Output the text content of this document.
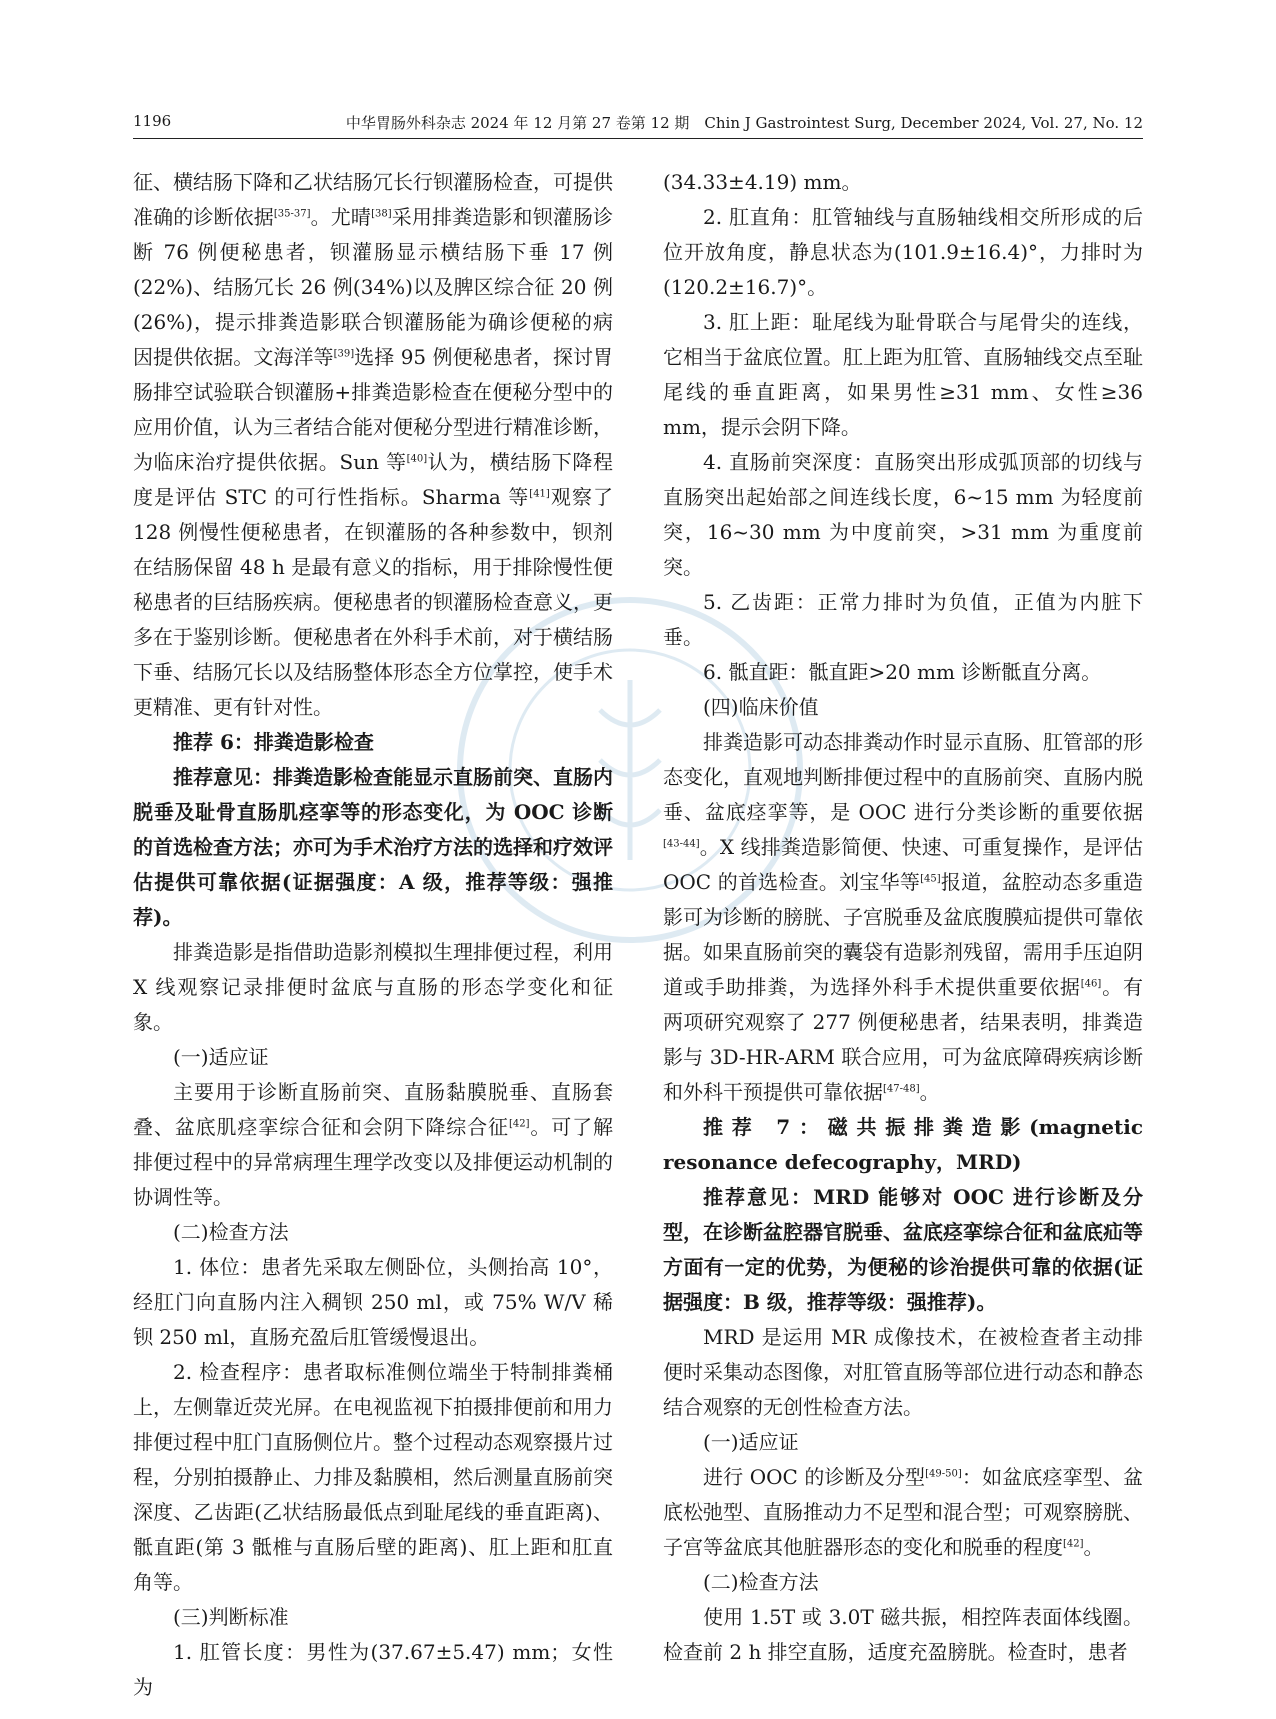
1196	中华胃肠外科杂志 2024 年 12 月第 27 卷第 12 期　Chin J Gastrointest Surg, December 2024, Vol. 27, No. 12

征、横结肠下降和乙状结肠冗长行钡灌肠检查，可提供准确的诊断依据[35-37]。尤晴[38]采用排粪造影和钡灌肠诊断 76 例便秘患者，钡灌肠显示横结肠下垂 17 例(22%)、结肠冗长 26 例(34%)以及脾区综合征 20 例(26%)，提示排粪造影联合钡灌肠能为确诊便秘的病因提供依据。文海洋等[39]选择 95 例便秘患者，探讨胃肠排空试验联合钡灌肠+排粪造影检查在便秘分型中的应用价值，认为三者结合能对便秘分型进行精准诊断，为临床治疗提供依据。Sun 等[40]认为，横结肠下降程度是评估 STC 的可行性指标。Sharma 等[41]观察了 128 例慢性便秘患者，在钡灌肠的各种参数中，钡剂在结肠保留 48 h 是最有意义的指标，用于排除慢性便秘患者的巨结肠疾病。便秘患者的钡灌肠检查意义，更多在于鉴别诊断。便秘患者在外科手术前，对于横结肠下垂、结肠冗长以及结肠整体形态全方位掌控，使手术更精准、更有针对性。

推荐 6：排粪造影检查

推荐意见：排粪造影检查能显示直肠前突、直肠内脱垂及耻骨直肠肌痉挛等的形态变化，为 OOC 诊断的首选检查方法；亦可为手术治疗方法的选择和疗效评估提供可靠依据(证据强度：A 级，推荐等级：强推荐)。

排粪造影是指借助造影剂模拟生理排便过程，利用 X 线观察记录排便时盆底与直肠的形态学变化和征象。

(一)适应证

主要用于诊断直肠前突、直肠黏膜脱垂、直肠套叠、盆底肌痉挛综合征和会阴下降综合征[42]。可了解排便过程中的异常病理生理学改变以及排便运动机制的协调性等。

(二)检查方法

1. 体位：患者先采取左侧卧位，头侧抬高 10°，经肛门向直肠内注入稠钡 250 ml，或 75% W/V 稀钡 250 ml，直肠充盈后肛管缓慢退出。

2. 检查程序：患者取标准侧位端坐于特制排粪桶上，左侧靠近荧光屏。在电视监视下拍摄排便前和用力排便过程中肛门直肠侧位片。整个过程动态观察摄片过程，分别拍摄静止、力排及黏膜相，然后测量直肠前突深度、乙齿距(乙状结肠最低点到耻尾线的垂直距离)、骶直距(第 3 骶椎与直肠后壁的距离)、肛上距和肛直角等。

(三)判断标准

1. 肛管长度：男性为(37.67±5.47) mm；女性为

(34.33±4.19) mm。

2. 肛直角：肛管轴线与直肠轴线相交所形成的后位开放角度，静息状态为(101.9±16.4)°，力排时为(120.2±16.7)°。

3. 肛上距：耻尾线为耻骨联合与尾骨尖的连线，它相当于盆底位置。肛上距为肛管、直肠轴线交点至耻尾线的垂直距离，如果男性≥31 mm、女性≥36 mm，提示会阴下降。

4. 直肠前突深度：直肠突出形成弧顶部的切线与直肠突出起始部之间连线长度，6~15 mm 为轻度前突，16~30 mm 为中度前突，>31 mm 为重度前突。

5. 乙齿距：正常力排时为负值，正值为内脏下垂。

6. 骶直距：骶直距>20 mm 诊断骶直分离。

(四)临床价值

排粪造影可动态排粪动作时显示直肠、肛管部的形态变化，直观地判断排便过程中的直肠前突、直肠内脱垂、盆底痉挛等，是 OOC 进行分类诊断的重要依据[43-44]。X 线排粪造影简便、快速、可重复操作，是评估 OOC 的首选检查。刘宝华等[45]报道，盆腔动态多重造影可为诊断的膀胱、子宫脱垂及盆底腹膜疝提供可靠依据。如果直肠前突的囊袋有造影剂残留，需用手压迫阴道或手助排粪，为选择外科手术提供重要依据[46]。有两项研究观察了 277 例便秘患者，结果表明，排粪造影与 3D-HR-ARM 联合应用，可为盆底障碍疾病诊断和外科干预提供可靠依据[47-48]。

推荐 7：磁共振排粪造影(magnetic resonance defecography，MRD)

推荐意见：MRD 能够对 OOC 进行诊断及分型，在诊断盆腔器官脱垂、盆底痉挛综合征和盆底疝等方面有一定的优势，为便秘的诊治提供可靠的依据(证据强度：B 级，推荐等级：强推荐)。

MRD 是运用 MR 成像技术，在被检查者主动排便时采集动态图像，对肛管直肠等部位进行动态和静态结合观察的无创性检查方法。

(一)适应证

进行 OOC 的诊断及分型[49-50]：如盆底痉挛型、盆底松弛型、直肠推动力不足型和混合型；可观察膀胱、子宫等盆底其他脏器形态的变化和脱垂的程度[42]。

(二)检查方法

使用 1.5T 或 3.0T 磁共振，相控阵表面体线圈。检查前 2 h 排空直肠，适度充盈膀胱。检查时，患者
